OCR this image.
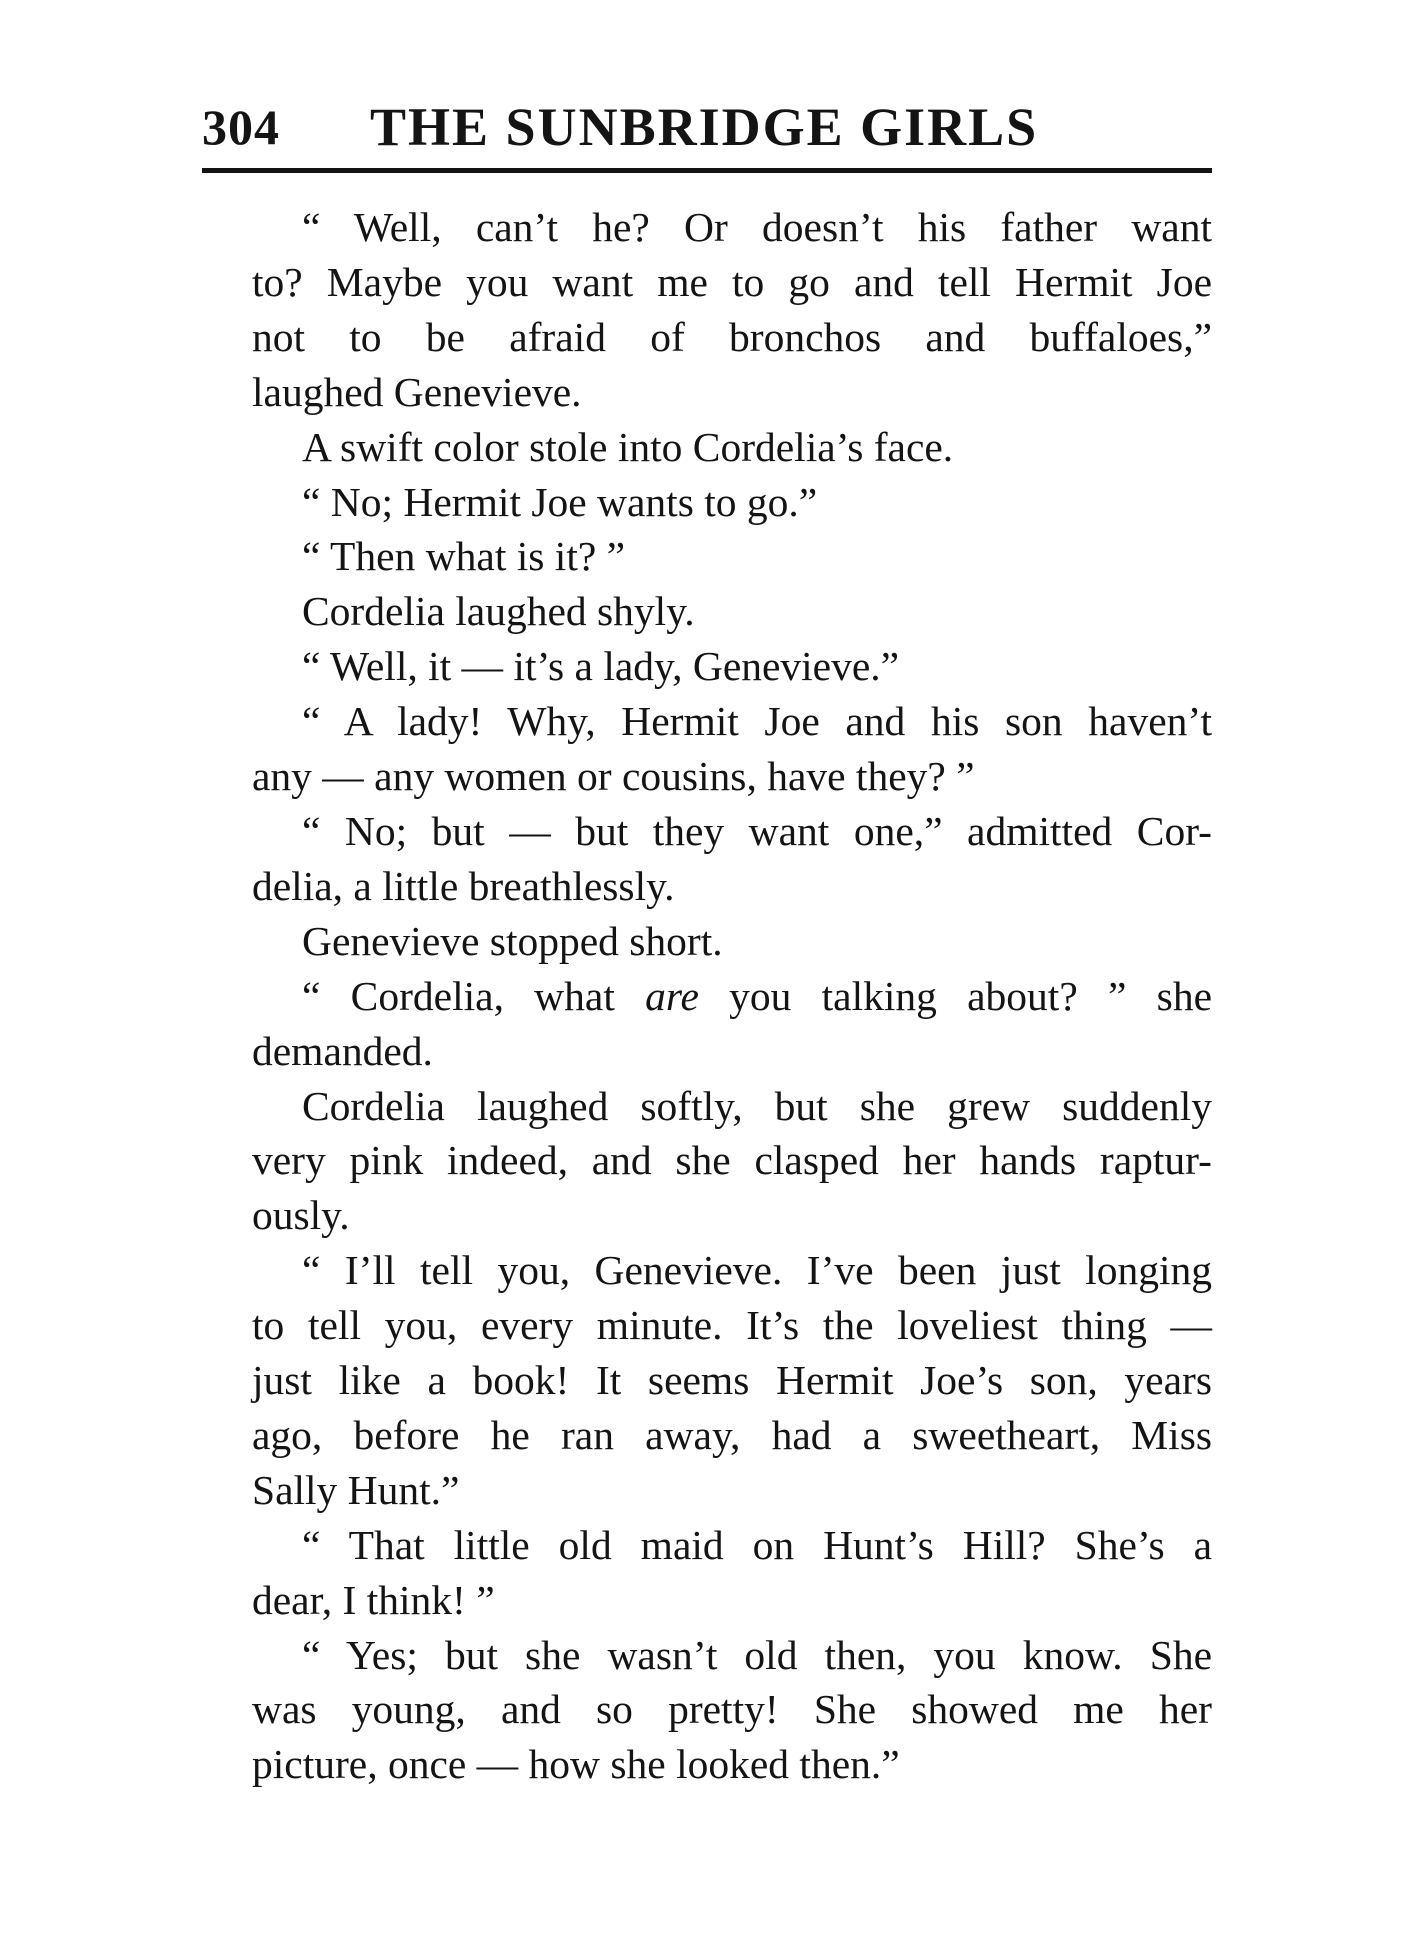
304 THE SUNBRIDGE GIRLS

“ Well, can’t he? Or doesn’t his father want
to? Maybe you want me to go and tell Hermit Joe
not to be afraid of bronchos and buffaloes,”
laughed Genevieve.

A swift color stole into Cordelia’s face.

“ No; Hermit Joe wants to go.”

“ Then what is it? ”

Cordelia laughed shyly.

“ Well, it — it’s a lady, Genevieve.”

“ A lady! Why, Hermit Joe and his son haven’t
any — any women or cousins, have they? ”

“ No; but — but they want one,” admitted Cor-
delia, a little breathlessly.

Genevieve stopped short.

“ Cordelia, what are you talking about? ” she
demanded.

Cordelia laughed softly, but she grew suddenly
very pink indeed, and she clasped her hands raptur-
ously.

“ I’ll tell you, Genevieve. I’ve been just longing
to tell you, every minute. It’s the loveliest thing —
just like a book! It seems Hermit Joe’s son, years
ago, before he ran away, had a sweetheart, Miss
Sally Hunt.”

“ That little old maid on Hunt’s Hill? She’s a
dear, I think! ”

“ Yes; but she wasn’t old then, you know. She
was young, and so pretty! She showed me her
picture, once — how she looked then.”
